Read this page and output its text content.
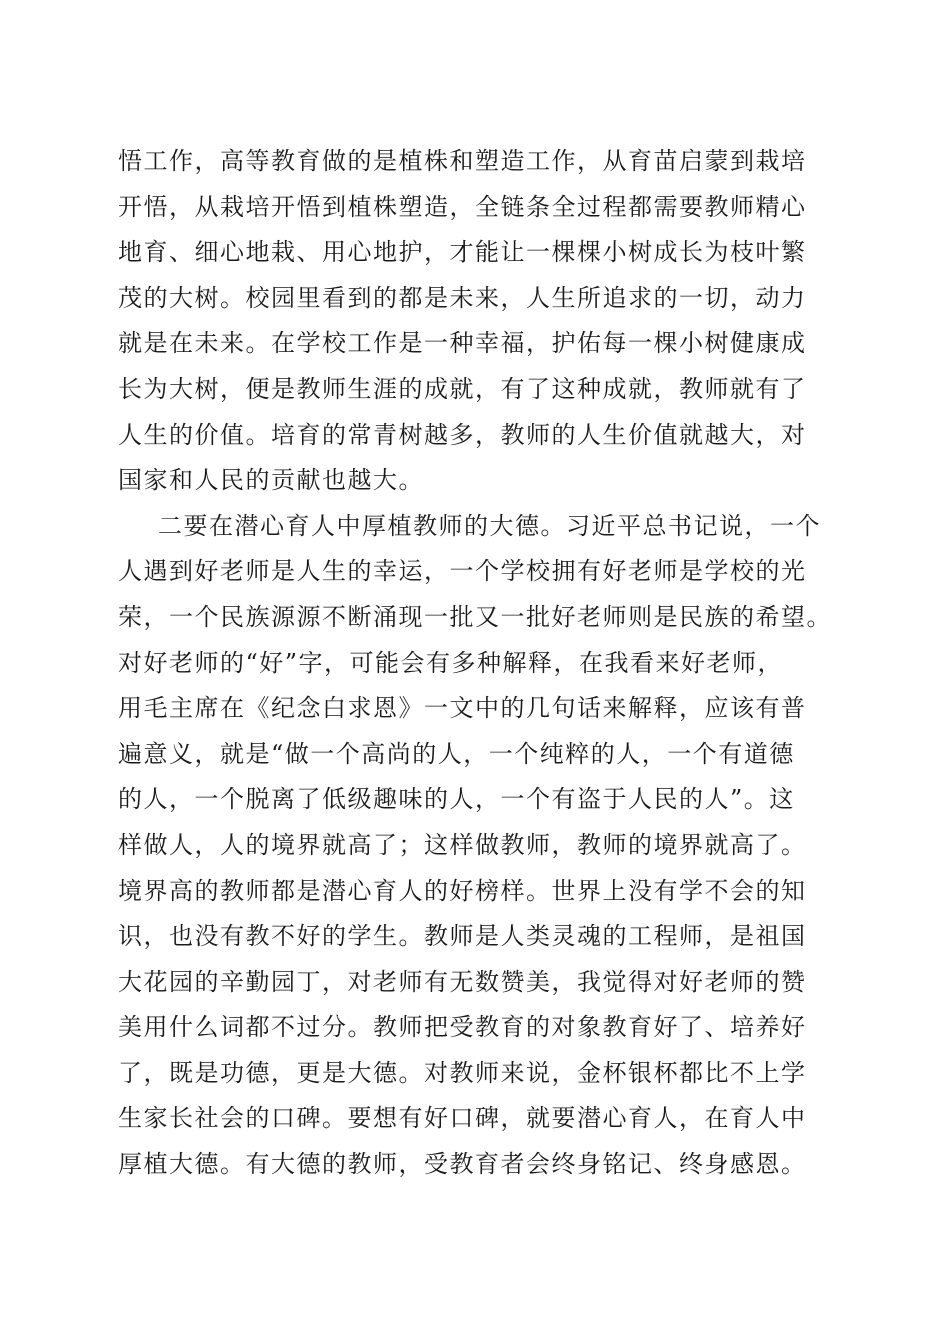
悟工作，高等教育做的是植株和塑造工作，从育苗启蒙到栽培
开悟，从栽培开悟到植株塑造，全链条全过程都需要教师精心
地育、细心地栽、用心地护，才能让一棵棵小树成长为枝叶繁
茂的大树。校园里看到的都是未来，人生所追求的一切，动力
就是在未来。在学校工作是一种幸福，护佑每一棵小树健康成
长为大树，便是教师生涯的成就，有了这种成就，教师就有了
人生的价值。培育的常青树越多，教师的人生价值就越大，对
国家和人民的贡献也越大。
二要在潜心育人中厚植教师的大德。习近平总书记说，一个
人遇到好老师是人生的幸运，一个学校拥有好老师是学校的光
荣，一个民族源源不断涌现一批又一批好老师则是民族的希望。
对好老师的“好”字，可能会有多种解释，在我看来好老师，
用毛主席在《纪念白求恩》一文中的几句话来解释，应该有普
遍意义，就是“做一个高尚的人，一个纯粹的人，一个有道德
的人，一个脱离了低级趣味的人，一个有盗于人民的人”。这
样做人，人的境界就高了；这样做教师，教师的境界就高了。
境界高的教师都是潜心育人的好榜样。世界上没有学不会的知
识，也没有教不好的学生。教师是人类灵魂的工程师，是祖国
大花园的辛勤园丁，对老师有无数赞美，我觉得对好老师的赞
美用什么词都不过分。教师把受教育的对象教育好了、培养好
了，既是功德，更是大德。对教师来说，金杯银杯都比不上学
生家长社会的口碑。要想有好口碑，就要潜心育人，在育人中
厚植大德。有大德的教师，受教育者会终身铭记、终身感恩。
